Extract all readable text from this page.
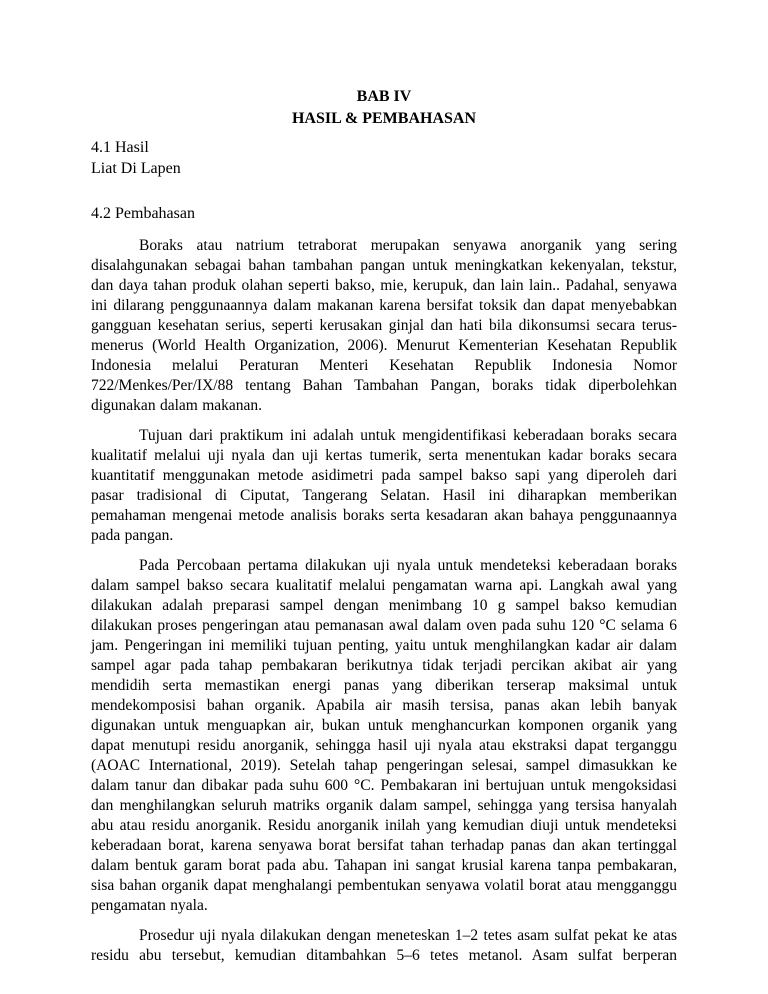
BAB IV
HASIL & PEMBAHASAN
4.1 Hasil
Liat Di Lapen
4.2 Pembahasan

Boraks atau natrium tetraborat merupakan senyawa anorganik yang sering disalahgunakan sebagai bahan tambahan pangan untuk meningkatkan kekenyalan, tekstur, dan daya tahan produk olahan seperti bakso, mie, kerupuk, dan lain lain.. Padahal, senyawa ini dilarang penggunaannya dalam makanan karena bersifat toksik dan dapat menyebabkan gangguan kesehatan serius, seperti kerusakan ginjal dan hati bila dikonsumsi secara terus-menerus (World Health Organization, 2006). Menurut Kementerian Kesehatan Republik Indonesia melalui Peraturan Menteri Kesehatan Republik Indonesia Nomor 722/Menkes/Per/IX/88 tentang Bahan Tambahan Pangan, boraks tidak diperbolehkan digunakan dalam makanan.

Tujuan dari praktikum ini adalah untuk mengidentifikasi keberadaan boraks secara kualitatif melalui uji nyala dan uji kertas tumerik, serta menentukan kadar boraks secara kuantitatif menggunakan metode asidimetri pada sampel bakso sapi yang diperoleh dari pasar tradisional di Ciputat, Tangerang Selatan. Hasil ini diharapkan memberikan pemahaman mengenai metode analisis boraks serta kesadaran akan bahaya penggunaannya pada pangan.

Pada Percobaan pertama dilakukan uji nyala untuk mendeteksi keberadaan boraks dalam sampel bakso secara kualitatif melalui pengamatan warna api. Langkah awal yang dilakukan adalah preparasi sampel dengan menimbang 10 g sampel bakso kemudian dilakukan proses pengeringan atau pemanasan awal dalam oven pada suhu 120 °C selama 6 jam. Pengeringan ini memiliki tujuan penting, yaitu untuk menghilangkan kadar air dalam sampel agar pada tahap pembakaran berikutnya tidak terjadi percikan akibat air yang mendidih serta memastikan energi panas yang diberikan terserap maksimal untuk mendekomposisi bahan organik. Apabila air masih tersisa, panas akan lebih banyak digunakan untuk menguapkan air, bukan untuk menghancurkan komponen organik yang dapat menutupi residu anorganik, sehingga hasil uji nyala atau ekstraksi dapat terganggu (AOAC International, 2019). Setelah tahap pengeringan selesai, sampel dimasukkan ke dalam tanur dan dibakar pada suhu 600 °C. Pembakaran ini bertujuan untuk mengoksidasi dan menghilangkan seluruh matriks organik dalam sampel, sehingga yang tersisa hanyalah abu atau residu anorganik. Residu anorganik inilah yang kemudian diuji untuk mendeteksi keberadaan borat, karena senyawa borat bersifat tahan terhadap panas dan akan tertinggal dalam bentuk garam borat pada abu. Tahapan ini sangat krusial karena tanpa pembakaran, sisa bahan organik dapat menghalangi pembentukan senyawa volatil borat atau mengganggu pengamatan nyala.

Prosedur uji nyala dilakukan dengan meneteskan 1–2 tetes asam sulfat pekat ke atas residu abu tersebut, kemudian ditambahkan 5–6 tetes metanol. Asam sulfat berperan
